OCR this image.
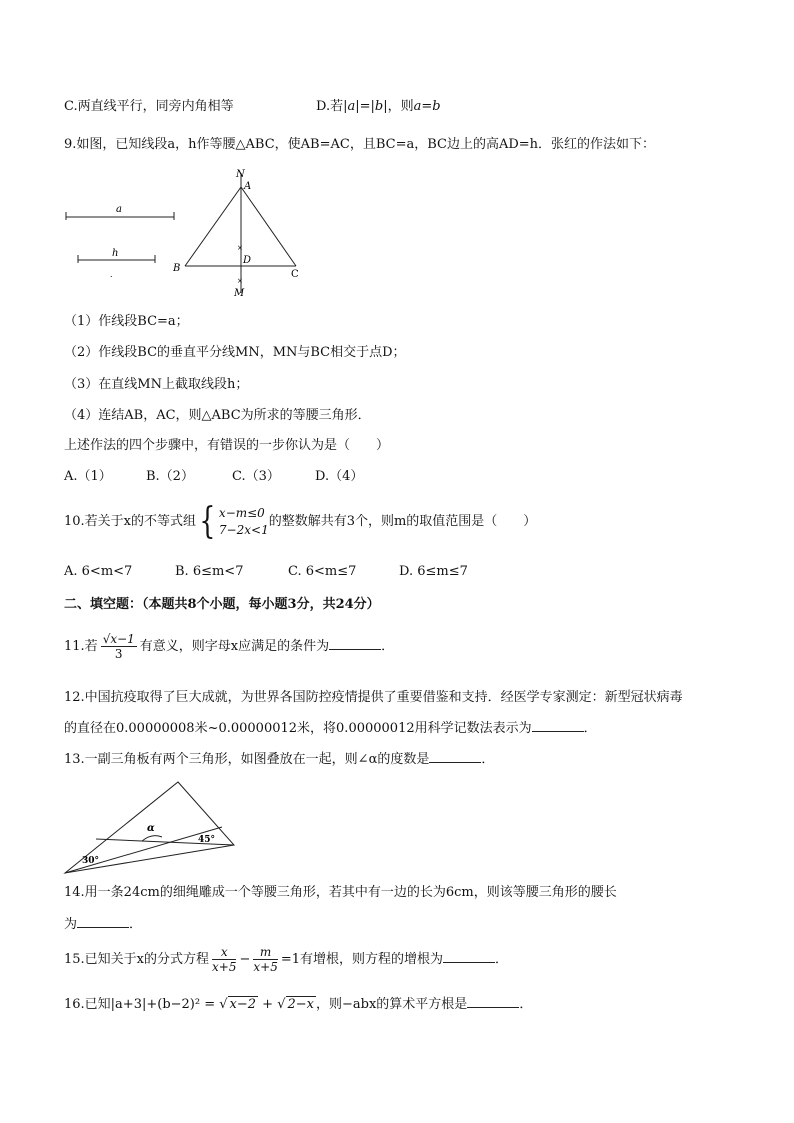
C.两直线平行，同旁内角相等	D.若|a|=|b|，则a=b
9.如图，已知线段a，h作等腰△ABC，使AB=AC，且BC=a，BC边上的高AD=h．张红的作法如下：
a
h
.
×
×
N
A
B
C
D
M
（1）作线段BC=a；
（2）作线段BC的垂直平分线MN，MN与BC相交于点D；
（3）在直线MN上截取线段h；
（4）连结AB，AC，则△ABC为所求的等腰三角形．
上述作法的四个步骤中，有错误的一步你认为是（　　）
A.（1）	B.（2）	C.（3）	D.（4）
10.若关于x的不等式组{ x−m≤0
7−2x<1
的整数解共有3个，则m的取值范围是（　　）
A. 6<m<7	B. 6≤m<7	C. 6<m≤7	D. 6≤m≤7
二、填空题：（本题共8个小题，每小题3分，共24分）
11.若 $\frac{√x-1}{3}$ 有意义，则字母x应满足的条件为	．
12.中国抗疫取得了巨大成就，为世界各国防控疫情提供了重要借鉴和支持．经医学专家测定：新型冠状病毒
的直径在0.00000008米~0.00000012米，将0.00000012用科学记数法表示为	．
13.一副三角板有两个三角形，如图叠放在一起，则∠α的度数是	．
α
45°
30°
14.用一条24cm的细绳雕成一个等腰三角形，若其中有一边的长为6cm，则该等腰三角形的腰长
为	．
15.已知关于x的分式方程 $\frac{x}{x+5} - \frac{m}{x+5} =1$有增根，则方程的增根为	．
16.已知|a+3|+(b−2)² = √ x−2 + √ 2−x ，则−abx的算术平方根是	．
